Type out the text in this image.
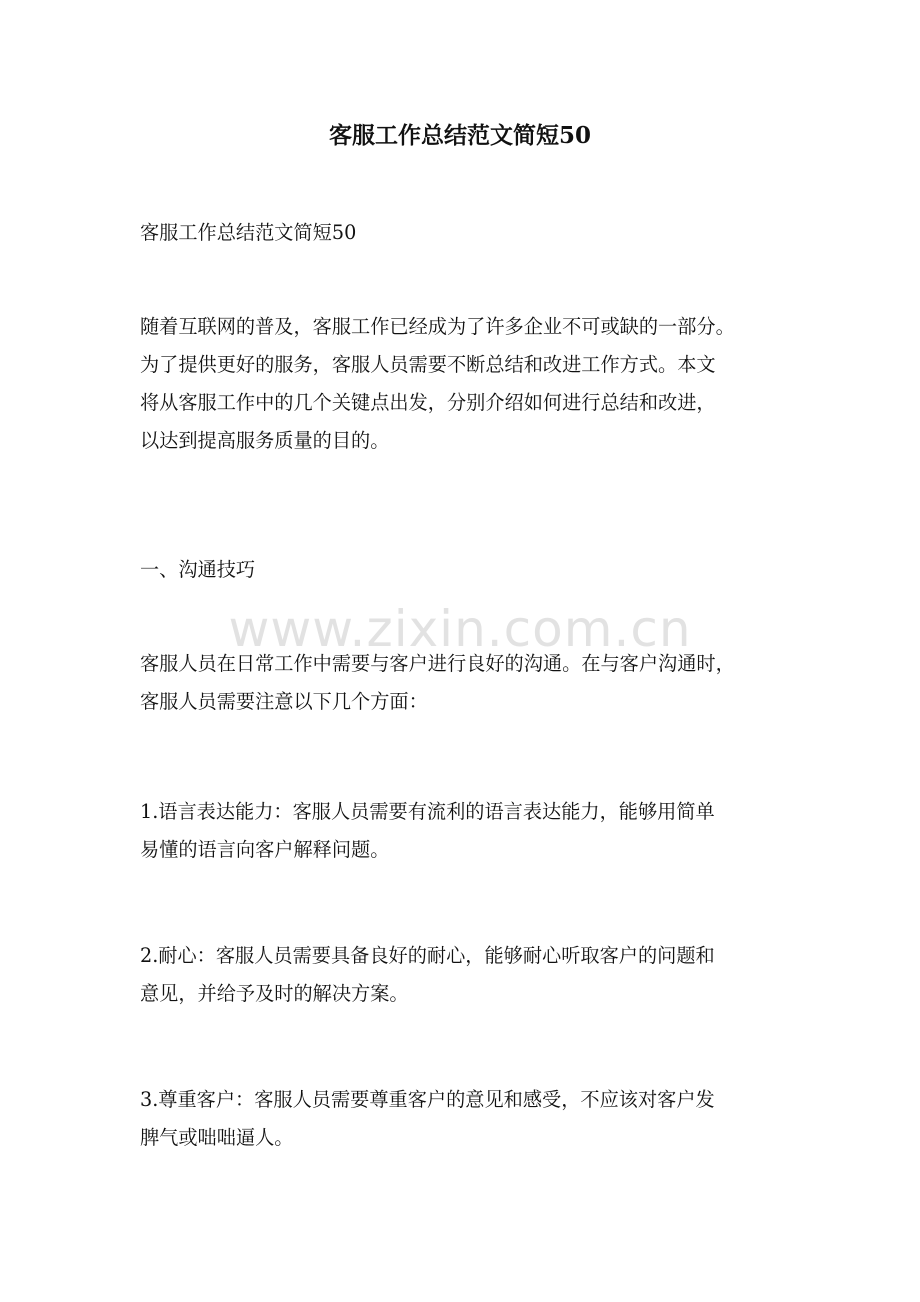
客服工作总结范文简短50

客服工作总结范文简短50

随着互联网的普及，客服工作已经成为了许多企业不可或缺的一部分。
为了提供更好的服务，客服人员需要不断总结和改进工作方式。本文
将从客服工作中的几个关键点出发，分别介绍如何进行总结和改进，
以达到提高服务质量的目的。

一、沟通技巧

www.zixin.com.cn

客服人员在日常工作中需要与客户进行良好的沟通。在与客户沟通时，
客服人员需要注意以下几个方面：

1.语言表达能力：客服人员需要有流利的语言表达能力，能够用简单
易懂的语言向客户解释问题。

2.耐心：客服人员需要具备良好的耐心，能够耐心听取客户的问题和
意见，并给予及时的解决方案。

3.尊重客户：客服人员需要尊重客户的意见和感受，不应该对客户发
脾气或咄咄逼人。
